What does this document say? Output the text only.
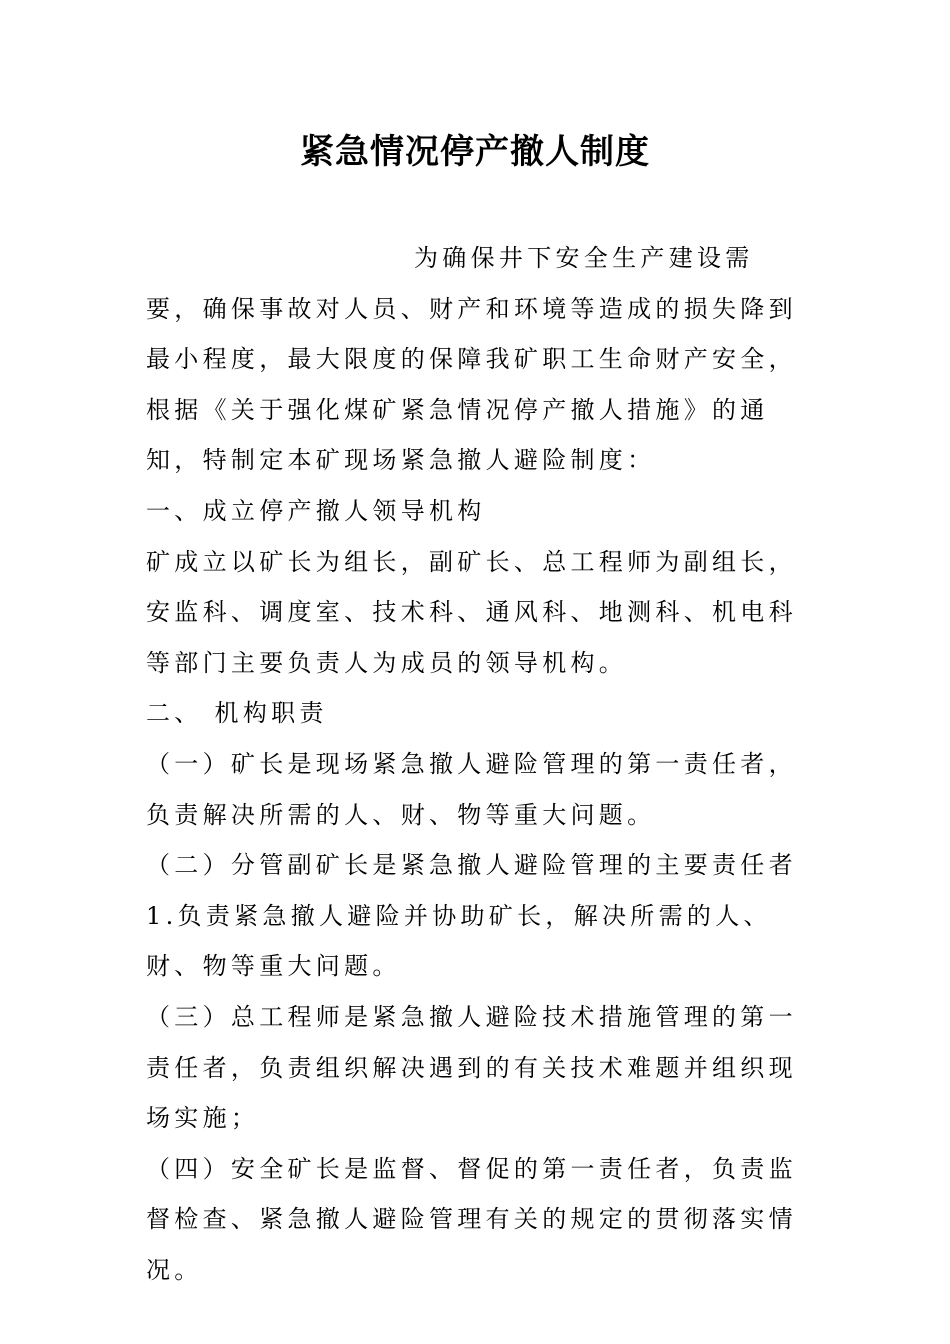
紧急情况停产撤人制度

为确保井下安全生产建设需要，确保事故对人员、财产和环境等造成的损失降到最小程度，最大限度的保障我矿职工生命财产安全，根据《关于强化煤矿紧急情况停产撤人措施》的通知，特制定本矿现场紧急撤人避险制度：

一、成立停产撤人领导机构

矿成立以矿长为组长，副矿长、总工程师为副组长，安监科、调度室、技术科、通风科、地测科、机电科等部门主要负责人为成员的领导机构。

二、 机构职责

（一）矿长是现场紧急撤人避险管理的第一责任者，负责解决所需的人、财、物等重大问题。

（二）分管副矿长是紧急撤人避险管理的主要责任者

1.负责紧急撤人避险并协助矿长，解决所需的人、财、物等重大问题。

（三）总工程师是紧急撤人避险技术措施管理的第一责任者，负责组织解决遇到的有关技术难题并组织现场实施；

（四）安全矿长是监督、督促的第一责任者，负责监督检查、紧急撤人避险管理有关的规定的贯彻落实情况。
